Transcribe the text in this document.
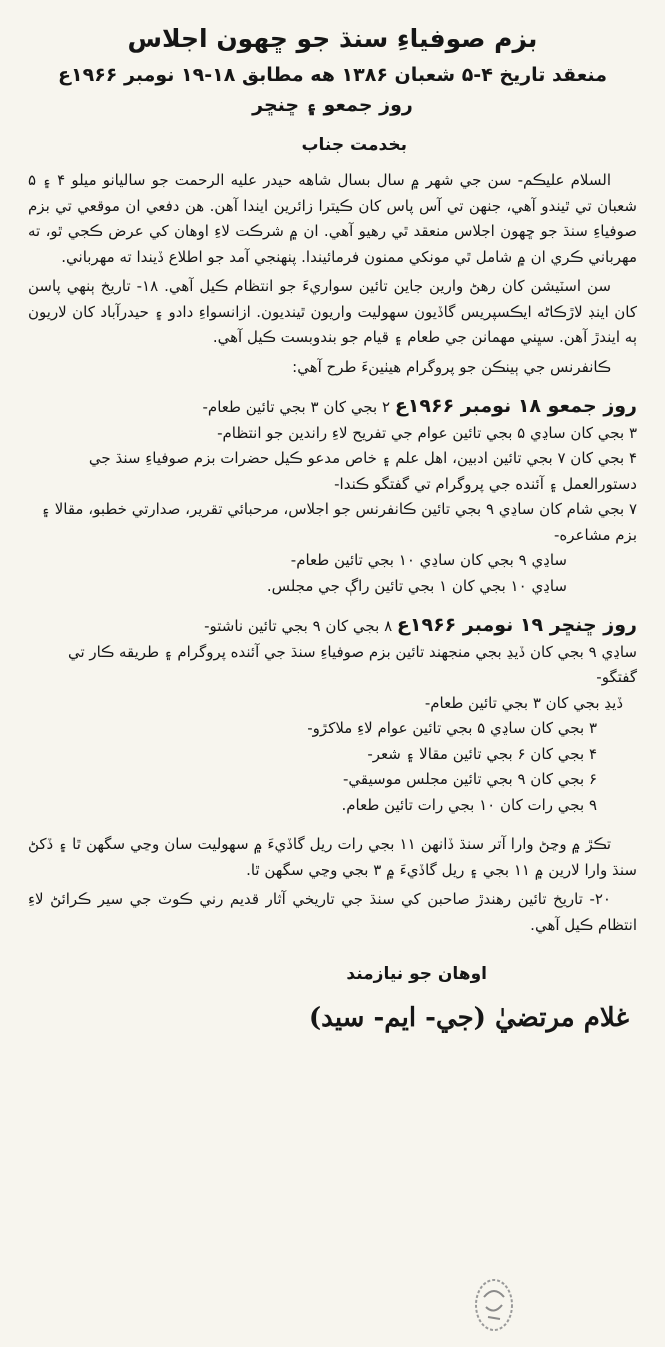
بزم صوفياءِ سنڌ جو ڇهون اجلاس
منعقد تاريخ ۴-۵ شعبان ۱۳۸۶ هه مطابق ۱۸-۱۹ نومبر ۱۹۶۶ع
روز جمعو ۽ ڇنڇر
بخدمت جناب

السلام عليڪم- سن جي شهر ۾ سال بسال شاهه حيدر عليه الرحمت جو ساليانو ميلو ۴ ۽ ۵ شعبان تي ٿيندو آهي، جنهن تي آس پاس کان ڪيترا زائرين ايندا آهن. هن دفعي ان موقعي تي بزم صوفياءِ سنڌ جو ڇهون اجلاس منعقد ٿي رهيو آهي. ان ۾ شرڪت لاءِ اوهان کي عرض ڪجي ٿو، ته مهرباني ڪري ان ۾ شامل ٿي مونکي ممنون فرمائيندا. پنهنجي آمد جو اطلاع ڏيندا ته مهرباني.

سن اسٽيشن کان رهڻ وارين جاين تائين سواريءَ جو انتظام ڪيل آهي. ۱۸- تاريخ ٻنهي پاسن کان اينڊ لاڙڪاڻه ايڪسپريس گاڏيون سهوليت واريون ٿينديون. ازانسواءِ دادو ۽ حيدرآباد کان لاريون ٻه ايندڙ آهن. سڀني مهمانن جي طعام ۽ قيام جو بندوبست ڪيل آهي.

ڪانفرنس جي ٻينڪن جو پروگرام هيٺينءَ طرح آهي:

روز جمعو ۱۸ نومبر ۱۹۶۶ع ۲ بجي کان ۳ بجي تائين طعام-

۳ بجي کان ساڍي ۵ بجي تائين عوام جي تفريح لاءِ راندين جو انتظام-

۴ بجي کان ۷ بجي تائين ادبين، اهل علم ۽ خاص مدعو ڪيل حضرات بزم صوفياءِ سنڌ جي دستورالعمل ۽ آئنده جي پروگرام تي گفتگو ڪندا-

۷ بجي شام کان ساڍي ۹ بجي تائين ڪانفرنس جو اجلاس، مرحبائي تقرير، صدارتي خطبو، مقالا ۽ بزم مشاعره-

ساڍي ۹ بجي کان ساڍي ۱۰ بجي تائين طعام-

ساڍي ۱۰ بجي کان ۱ بجي تائين راڳ جي مجلس.

روز ڇنڇر ۱۹ نومبر ۱۹۶۶ع ۸ بجي کان ۹ بجي تائين ناشتو-

ساڍي ۹ بجي کان ڏيڍ بجي منجهند تائين بزم صوفياءِ سنڌ جي آئنده پروگرام ۽ طريقه ڪار تي گفتگو-

ڏيڍ بجي کان ۳ بجي تائين طعام-

۳ بجي کان ساڍي ۵ بجي تائين عوام لاءِ ملاکڙو-

۴ بجي کان ۶ بجي تائين مقالا ۽ شعر-

۶ بجي کان ۹ بجي تائين مجلس موسيقي-

۹ بجي رات کان ۱۰ بجي رات تائين طعام.

تڪڙ ۾ وڃڻ وارا آتر سنڌ ڏانهن ۱۱ بجي رات ريل گاڏيءَ ۾ سهوليت سان وڃي سگهن ٿا ۽ ڏکڻ سنڌ وارا لارين ۾ ۱۱ بجي ۽ ريل گاڏيءَ ۾ ۳ بجي وڃي سگهن ٿا.

۲۰- تاريخ تائين رهندڙ صاحبن کي سنڌ جي تاريخي آثار قديم رني ڪوٽ جي سير ڪرائڻ لاءِ انتظام ڪيل آهي.

اوهان جو نيازمند
غلام مرتضيٰ (جي- ايم- سيد)
